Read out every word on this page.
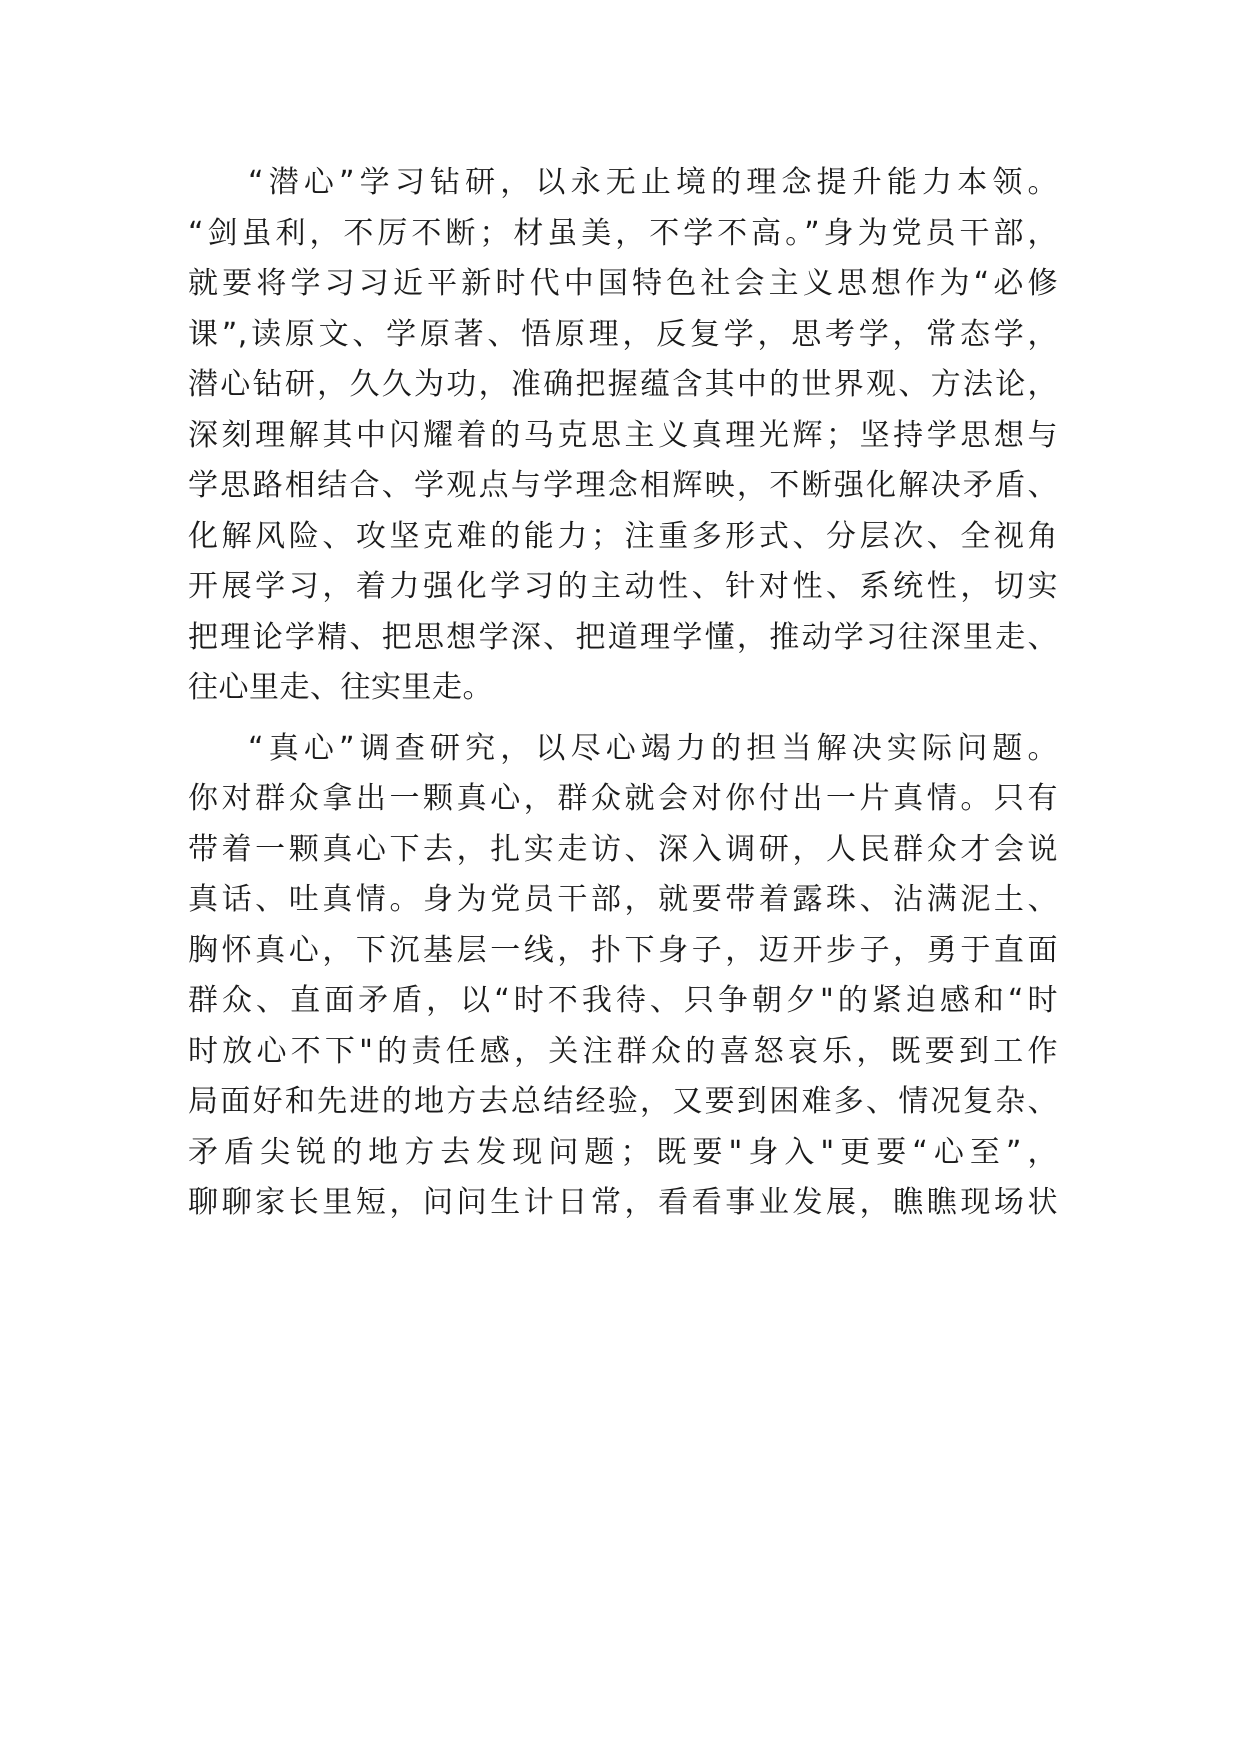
“潜心”学习钻研，以永无止境的理念提升能力本领。
“剑虽利，不厉不断；材虽美，不学不高。”身为党员干部，
就要将学习习近平新时代中国特色社会主义思想作为“必修
课”,读原文、学原著、悟原理，反复学，思考学，常态学，
潜心钻研，久久为功，准确把握蕴含其中的世界观、方法论，
深刻理解其中闪耀着的马克思主义真理光辉；坚持学思想与
学思路相结合、学观点与学理念相辉映，不断强化解决矛盾、
化解风险、攻坚克难的能力；注重多形式、分层次、全视角
开展学习，着力强化学习的主动性、针对性、系统性，切实
把理论学精、把思想学深、把道理学懂，推动学习往深里走、
往心里走、往实里走。
“真心”调查研究，以尽心竭力的担当解决实际问题。
你对群众拿出一颗真心，群众就会对你付出一片真情。只有
带着一颗真心下去，扎实走访、深入调研，人民群众才会说
真话、吐真情。身为党员干部，就要带着露珠、沾满泥土、
胸怀真心，下沉基层一线，扑下身子，迈开步子，勇于直面
群众、直面矛盾，以“时不我待、只争朝夕"的紧迫感和“时
时放心不下"的责任感，关注群众的喜怒哀乐，既要到工作
局面好和先进的地方去总结经验，又要到困难多、情况复杂、
矛盾尖锐的地方去发现问题；既要"身入"更要“心至”，
聊聊家长里短，问问生计日常，看看事业发展，瞧瞧现场状
